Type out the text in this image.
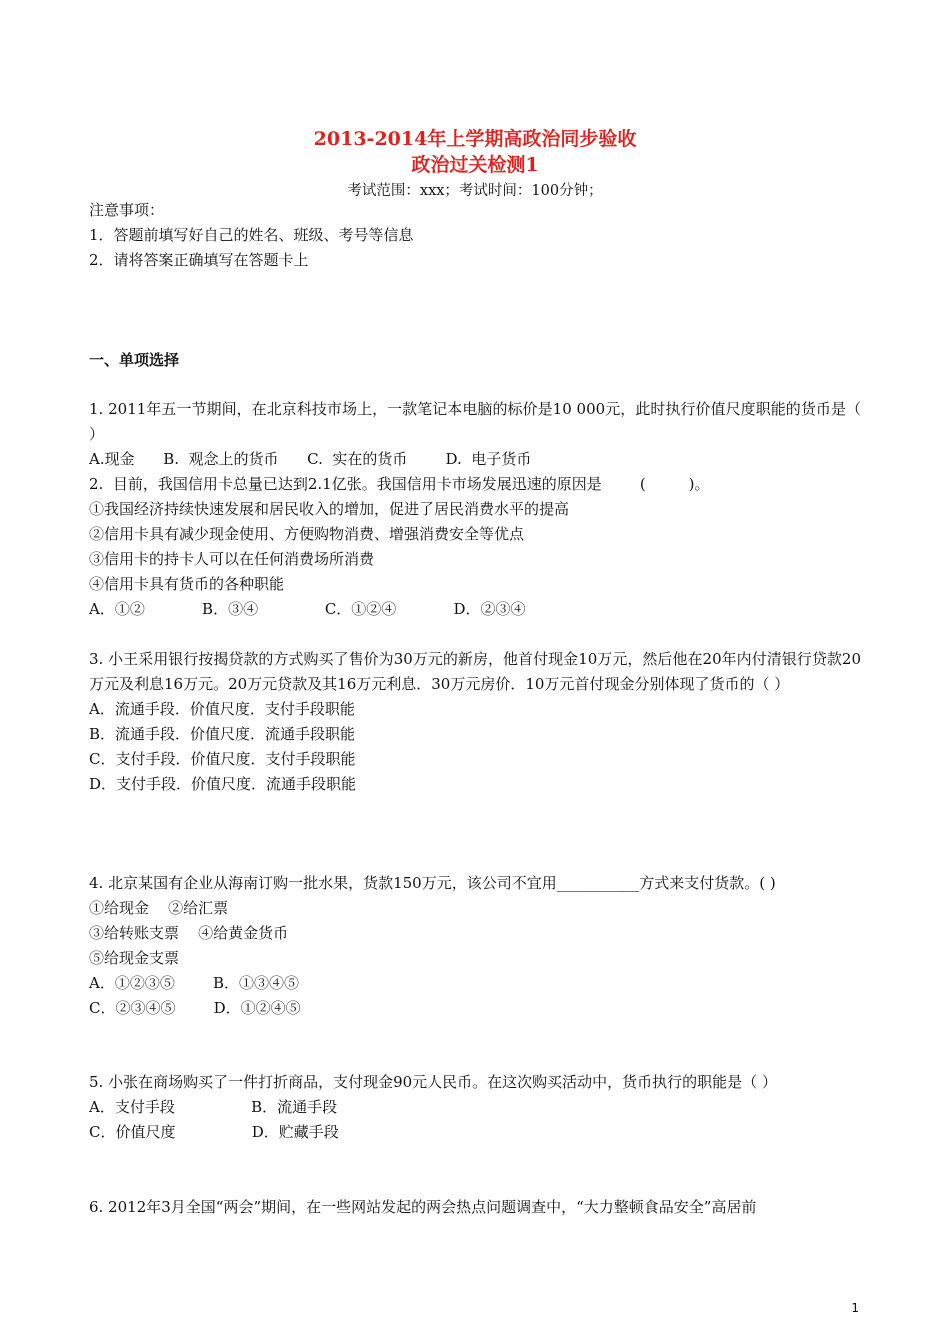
2013-2014年上学期高政治同步验收
政治过关检测1
考试范围：xxx；考试时间：100分钟；
注意事项：
1．答题前填写好自己的姓名、班级、考号等信息
2．请将答案正确填写在答题卡上
一、单项选择
1. 2011年五一节期间，在北京科技市场上，一款笔记本电脑的标价是10 000元，此时执行价值尺度职能的货币是（ ）
A.现金      B.  观念上的货币      C.  实在的货币        D.  电子货币
2.  目前，我国信用卡总量已达到2.1亿张。我国信用卡市场发展迅速的原因是        (         )。
①我国经济持续快速发展和居民收入的增加，促进了居民消费水平的提高
②信用卡具有减少现金使用、方便购物消费、增强消费安全等优点
③信用卡的持卡人可以在任何消费场所消费
④信用卡具有货币的各种职能
A．①②            B．③④              C．①②④            D．②③④
3. 小王采用银行按揭贷款的方式购买了售价为30万元的新房，他首付现金10万元，然后他在20年内付清银行贷款20万元及利息16万元。20万元贷款及其16万元利息．30万元房价．10万元首付现金分别体现了货币的（ ）
A．流通手段．价值尺度．支付手段职能
B．流通手段．价值尺度．流通手段职能
C．支付手段．价值尺度．支付手段职能
D．支付手段．价值尺度．流通手段职能
4. 北京某国有企业从海南订购一批水果，货款150万元，该公司不宜用___________方式来支付货款。( )
①给现金    ②给汇票
③给转账支票    ④给黄金货币
⑤给现金支票
A．①②③⑤        B．①③④⑤
C．②③④⑤        D．①②④⑤
5. 小张在商场购买了一件打折商品，支付现金90元人民币。在这次购买活动中，货币执行的职能是（ ）
A．支付手段                B．流通手段
C．价值尺度                D．贮藏手段
6. 2012年3月全国“两会”期间，在一些网站发起的两会热点问题调查中，“大力整顿食品安全”高居前
1
